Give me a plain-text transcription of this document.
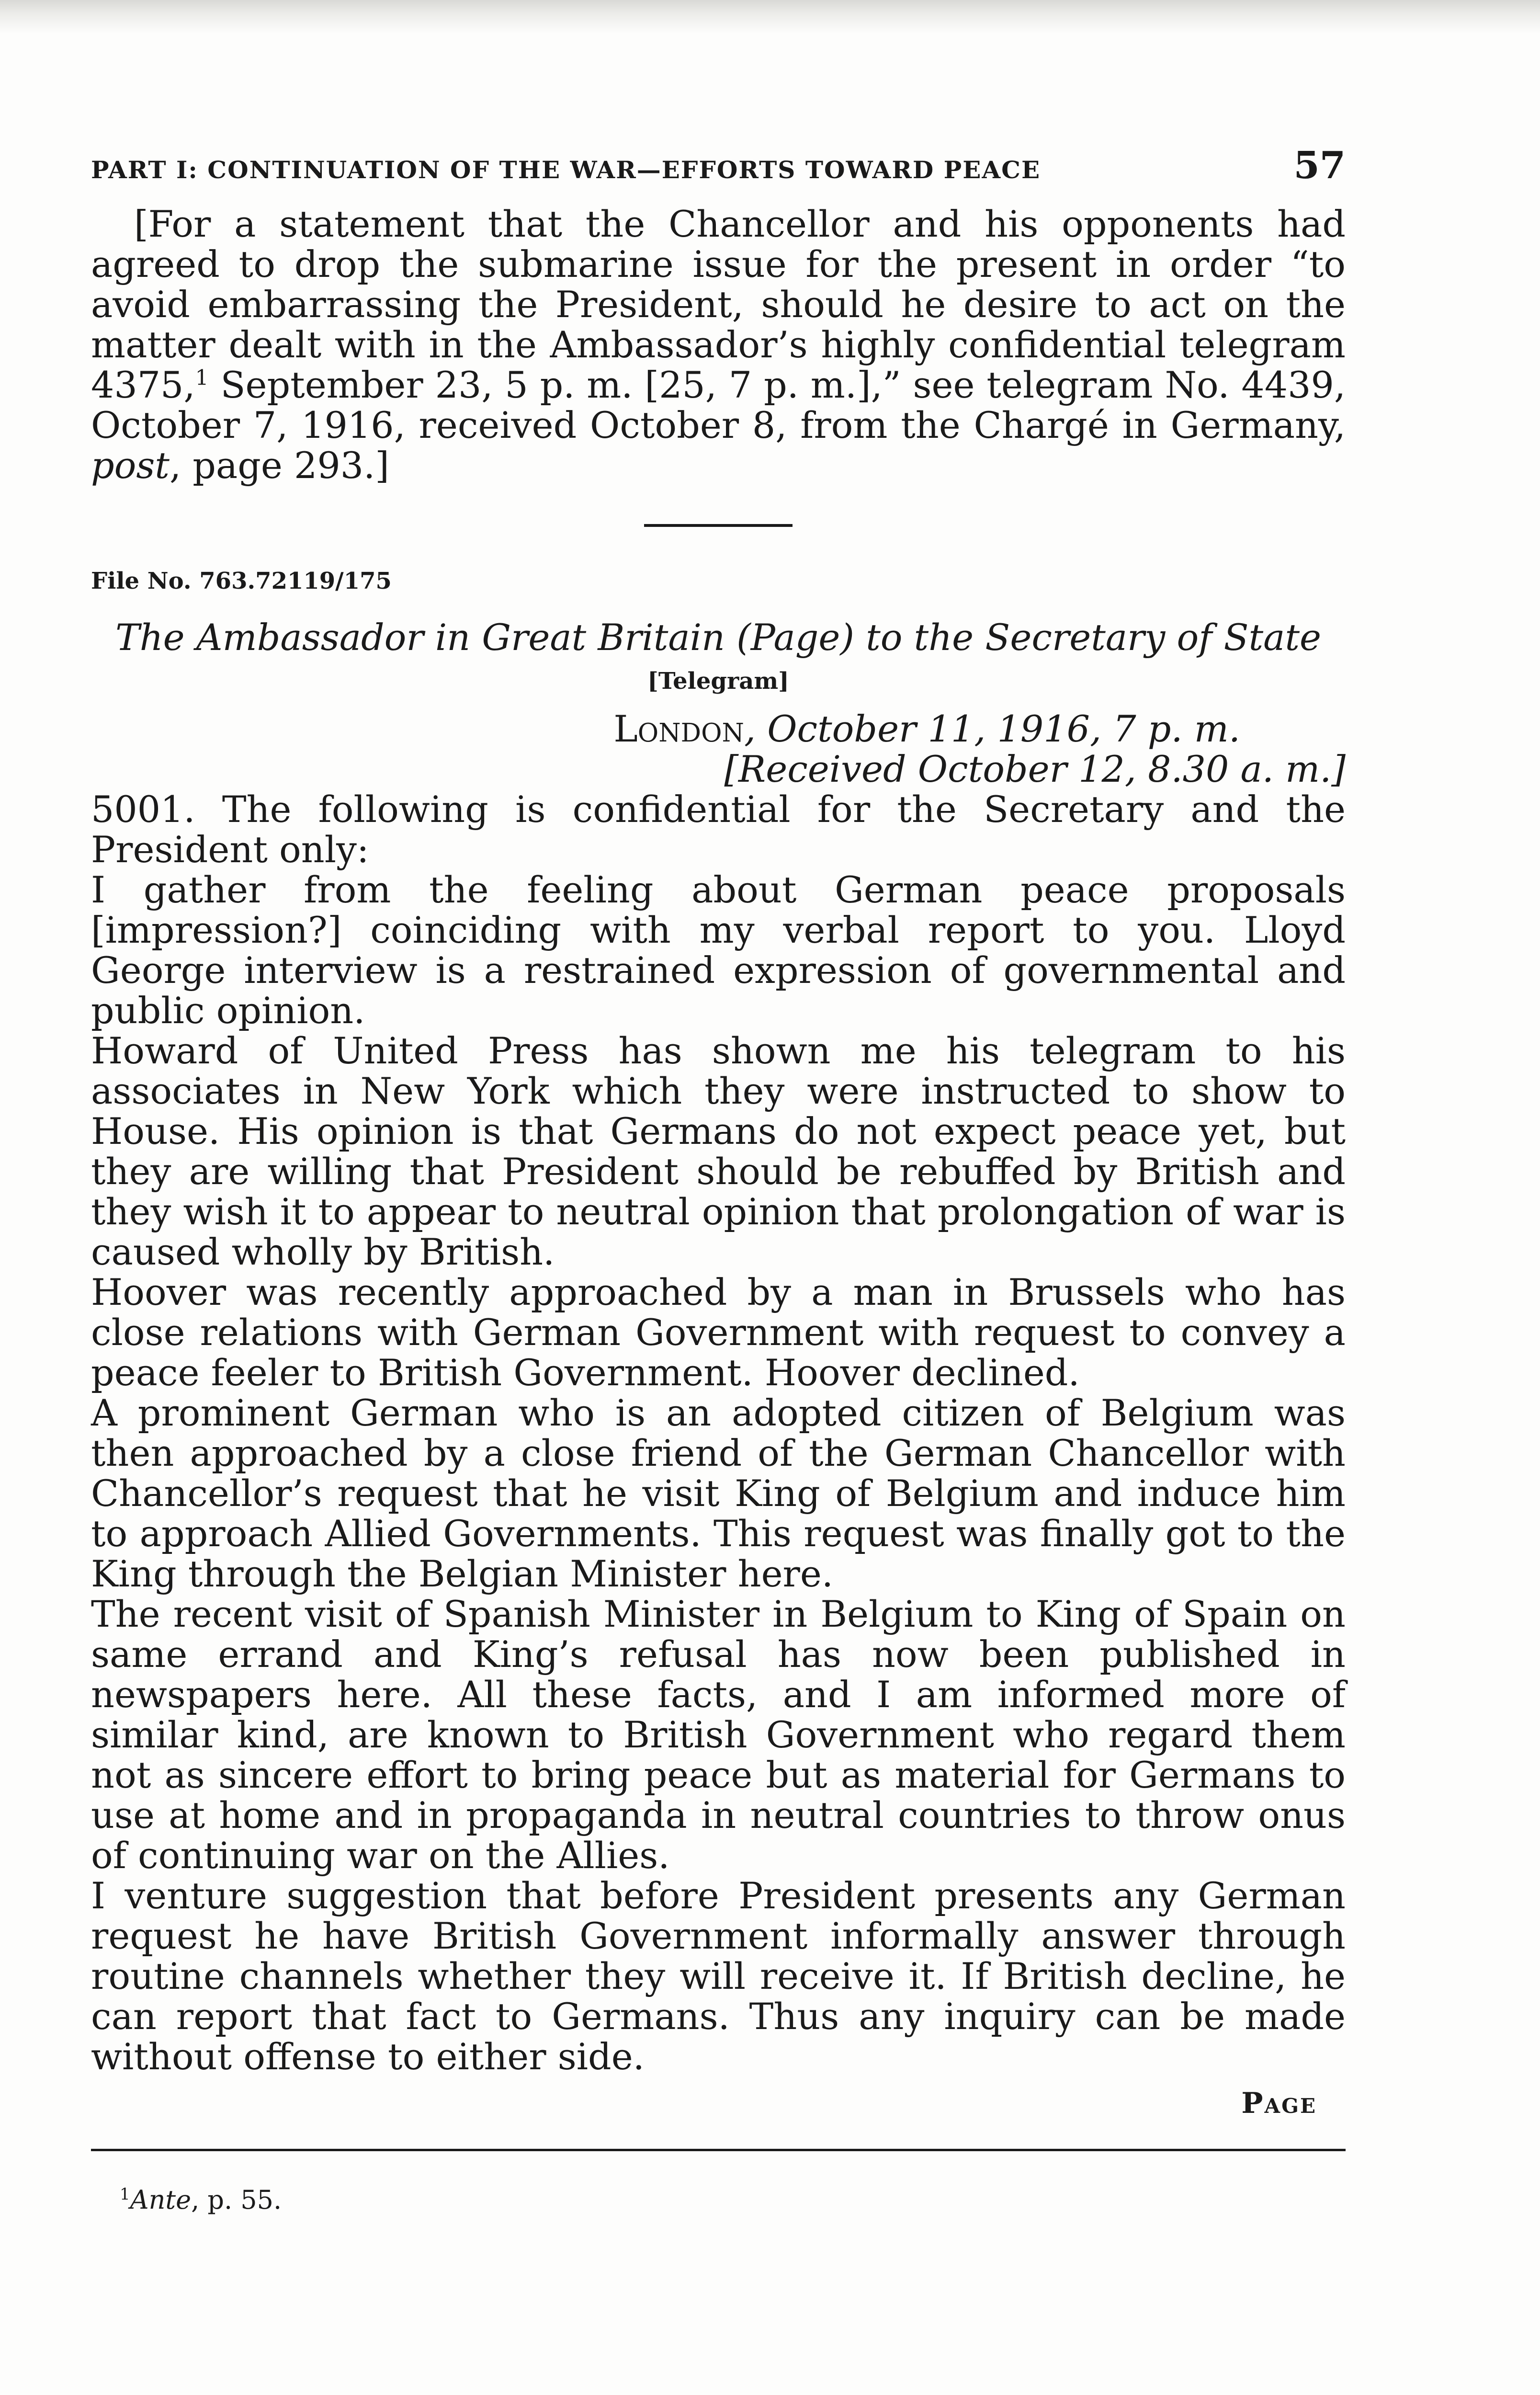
PART I: CONTINUATION OF THE WAR—EFFORTS TOWARD PEACE	57

[For a statement that the Chancellor and his opponents had agreed to drop the submarine issue for the present in order “to avoid embarrassing the President, should he desire to act on the matter dealt with in the Ambassador’s highly confidential telegram 4375,$^1$ September 23, 5 p. m. [25, 7 p. m.],” see telegram No. 4439, October 7, 1916, received October 8, from the Chargé in Germany, post, page 293.]

File No. 763.72119/175
The Ambassador in Great Britain (Page) to the Secretary of State
[Telegram]
London, October 11, 1916, 7 p. m.
[Received October 12, 8.30 a. m.]

5001. The following is confidential for the Secretary and the President only:

I gather from the feeling about German peace proposals [impression?] coinciding with my verbal report to you. Lloyd George interview is a restrained expression of governmental and public opinion.

Howard of United Press has shown me his telegram to his associates in New York which they were instructed to show to House. His opinion is that Germans do not expect peace yet, but they are willing that President should be rebuffed by British and they wish it to appear to neutral opinion that prolongation of war is caused wholly by British.

Hoover was recently approached by a man in Brussels who has close relations with German Government with request to convey a peace feeler to British Government. Hoover declined.

A prominent German who is an adopted citizen of Belgium was then approached by a close friend of the German Chancellor with Chancellor’s request that he visit King of Belgium and induce him to approach Allied Governments. This request was finally got to the King through the Belgian Minister here.

The recent visit of Spanish Minister in Belgium to King of Spain on same errand and King’s refusal has now been published in newspapers here. All these facts, and I am informed more of similar kind, are known to British Government who regard them not as sincere effort to bring peace but as material for Germans to use at home and in propaganda in neutral countries to throw onus of continuing war on the Allies.

I venture suggestion that before President presents any German request he have British Government informally answer through routine channels whether they will receive it. If British decline, he can report that fact to Germans. Thus any inquiry can be made without offense to either side.

Page
$^1$Ante, p. 55.
